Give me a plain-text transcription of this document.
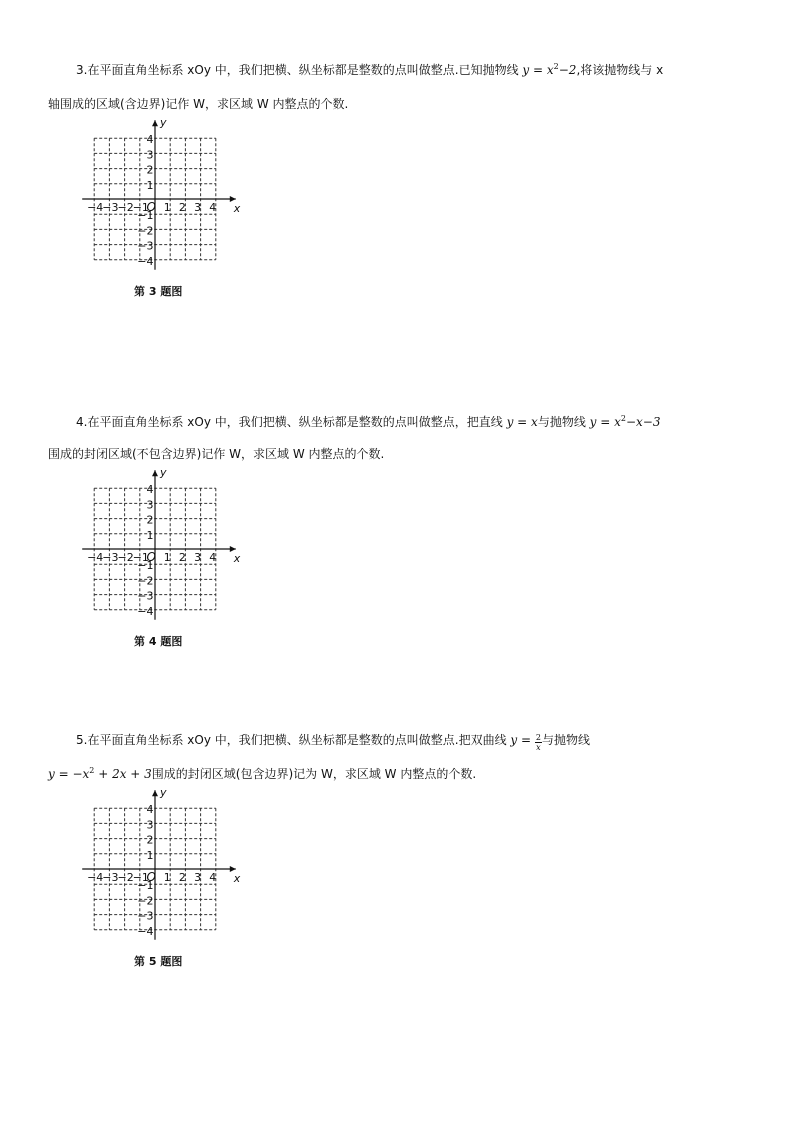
3.在平面直角坐标系 xOy 中，我们把横、纵坐标都是整数的点叫做整点.已知抛物线 $y = x^2-2$,将该抛物线与 x
轴围成的区域(含边界)记作 W，求区域 W 内整点的个数.
x
y
O
−4
−3
−2
−1 1 2 3 4
4
3
2
1
−1
−2
−3
−4
第 3 题图
4.在平面直角坐标系 xOy 中，我们把横、纵坐标都是整数的点叫做整点，把直线 y = x与抛物线 $y = x^2-x-3$
围成的封闭区域(不包含边界)记作 W，求区域 W 内整点的个数.
x
y
O
−4
−3
−2
−1 1 2 3 4
4
3
2
1
−1
−2
−3
−4
第 4 题图
5.在平面直角坐标系 xOy 中，我们把横、纵坐标都是整数的点叫做整点.把双曲线 $y = \frac{2}{x}$ 与抛物线
$y = -x^2 + 2x + 3$围成的封闭区域(包含边界)记为 W，求区域 W 内整点的个数.
x
y
O
−4
−3
−2
−1 1 2 3 4
4
3
2
1
−1
−2
−3
−4
第 5 题图
